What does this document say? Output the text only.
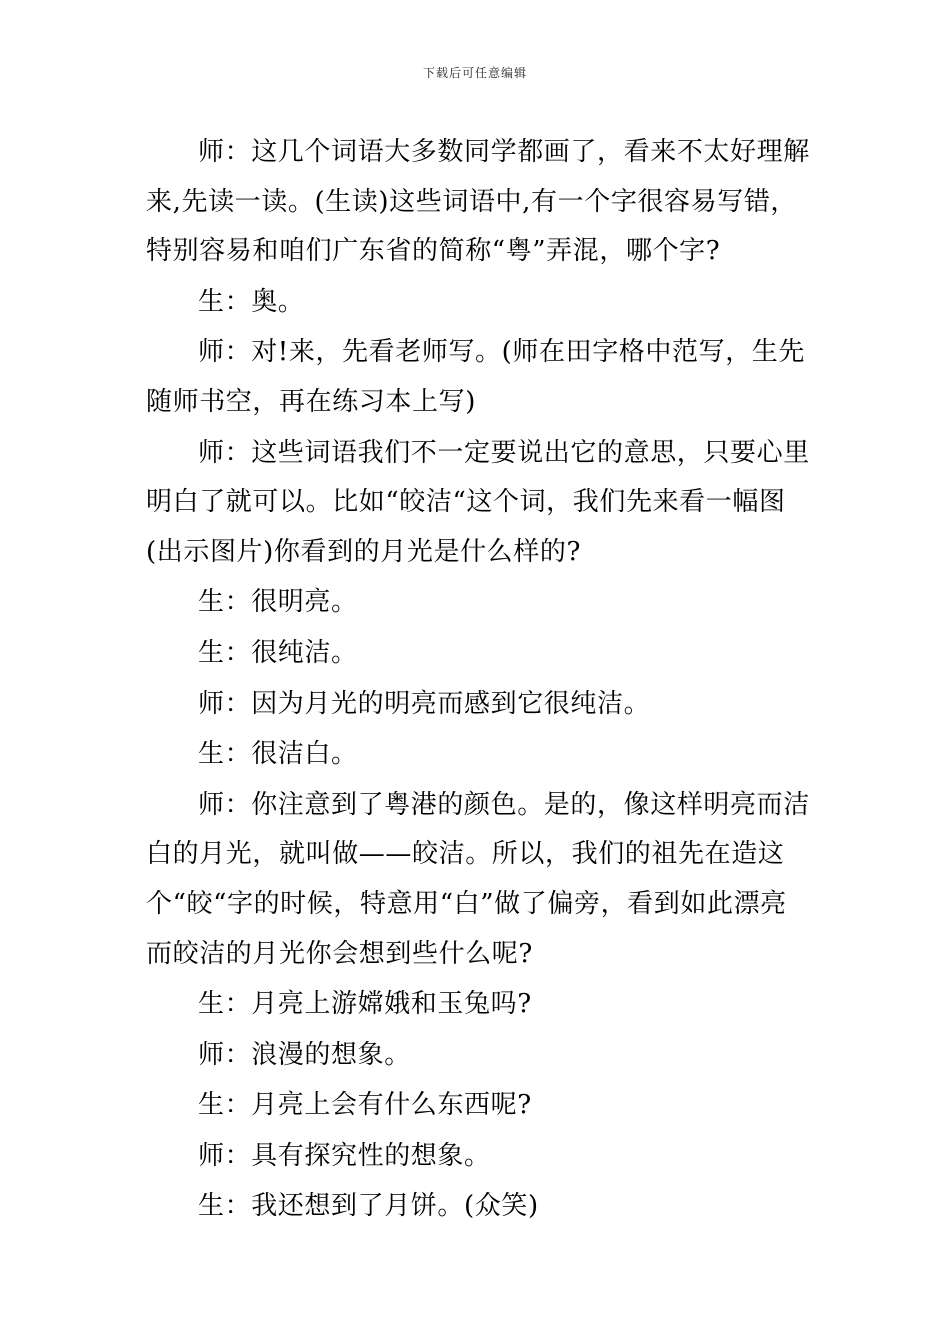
下载后可任意编辑

师：这几个词语大多数同学都画了，看来不太好理解来,先读一读。(生读)这些词语中,有一个字很容易写错，特别容易和咱们广东省的简称“粤”弄混，哪个字?

生：奥。

师：对!来，先看老师写。(师在田字格中范写，生先随师书空，再在练习本上写)

师：这些词语我们不一定要说出它的意思，只要心里明白了就可以。比如“皎洁“这个词，我们先来看一幅图(出示图片)你看到的月光是什么样的?

生：很明亮。

生：很纯洁。

师：因为月光的明亮而感到它很纯洁。

生：很洁白。

师：你注意到了粤港的颜色。是的，像这样明亮而洁白的月光，就叫做——皎洁。所以，我们的祖先在造这个“皎“字的时候，特意用“白”做了偏旁，看到如此漂亮而皎洁的月光你会想到些什么呢?

生：月亮上游嫦娥和玉兔吗?

师：浪漫的想象。

生：月亮上会有什么东西呢?

师：具有探究性的想象。

生：我还想到了月饼。(众笑)
